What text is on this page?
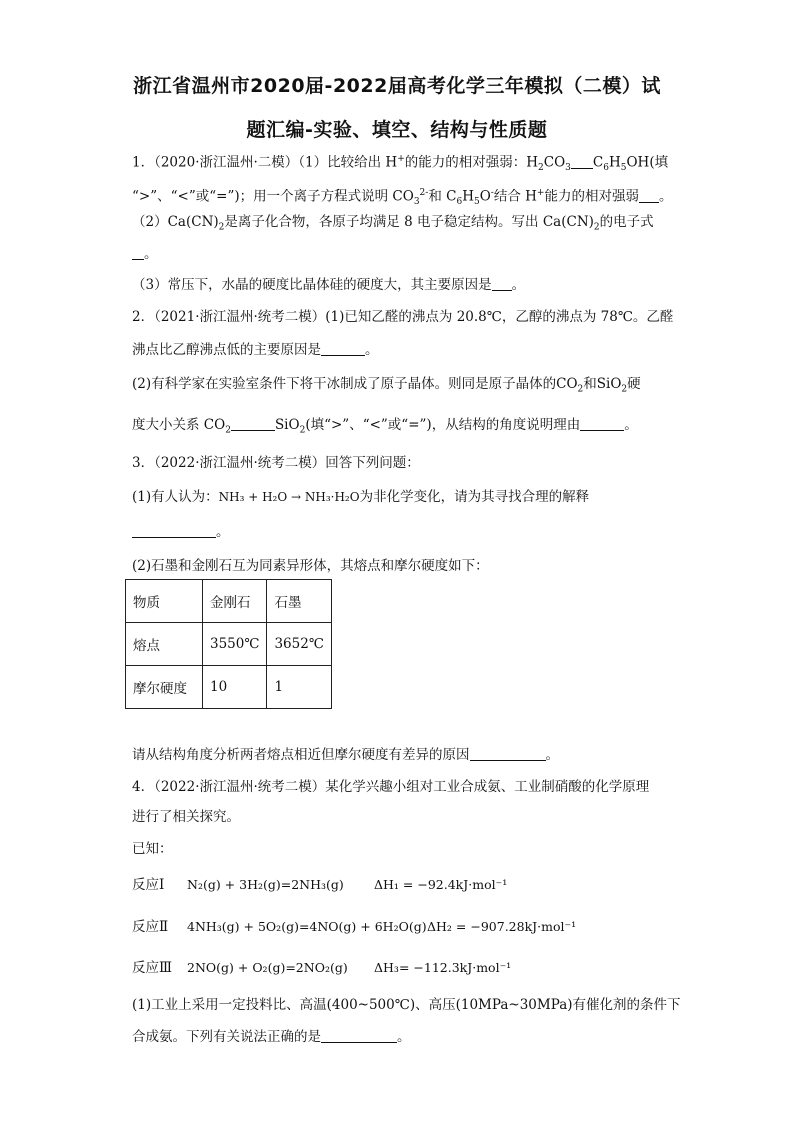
浙江省温州市2020届-2022届高考化学三年模拟（二模）试
题汇编-实验、填空、结构与性质题
1．（2020·浙江温州·二模）（1）比较给出 H+的能力的相对强弱：$H_2CO_3$ $C_6H_5OH$(填
“>”、“<”或“=”)；用一个离子方程式说明 $CO_3^{2-}$和 $C_6H_5O^-$结合 H+能力的相对强弱 。
$(2)Ca(CN)_2$是离子化合物，各原子均满足 8 电子稳定结构。写出 $Ca(CN)_2$的电子式
。
（3）常压下，水晶的硬度比晶体硅的硬度大，其主要原因是 。
2．（2021·浙江温州·统考二模）(1)已知乙醛的沸点为 20.8℃，乙醇的沸点为 78℃。乙醛
沸点比乙醇沸点低的主要原因是	。
(2)有科学家在实验室条件下将干冰制成了原子晶体。则同是原子晶体的$CO_2$和SiO$_2$硬
度大小关系 $CO_2$	SiO$_2$(填“>”、“<”或“=”)，从结构的角度说明理由	。
3．（2022·浙江温州·统考二模）回答下列问题：
(1)有人认为：NH₃ + H₂O → NH₃·H₂O为非化学变化，请为其寻找合理的解释
。
(2)石墨和金刚石互为同素异形体，其熔点和摩尔硬度如下：
物质	金刚石	石墨
熔点	3550℃	3652℃
摩尔硬度	10	1
请从结构角度分析两者熔点相近但摩尔硬度有差异的原因	。
4．（2022·浙江温州·统考二模）某化学兴趣小组对工业合成氨、工业制硝酸的化学原理
进行了相关探究。
已知：
反应Ⅰ N₂(g) + 3H₂(g)=2NH₃(g) ΔH₁ = −92.4kJ·mol⁻¹
反应Ⅱ 4NH₃(g) + 5O₂(g)=4NO(g) + 6H₂O(g) ΔH₂ = −907.28kJ·mol⁻¹
反应Ⅲ 2NO(g) + O₂(g)=2NO₂(g) ΔH₃= −112.3kJ·mol⁻¹
(1)工业上采用一定投料比、高温(400~500℃)、高压(10MPa~30MPa)有催化剂的条件下
合成氨。下列有关说法正确的是	。
